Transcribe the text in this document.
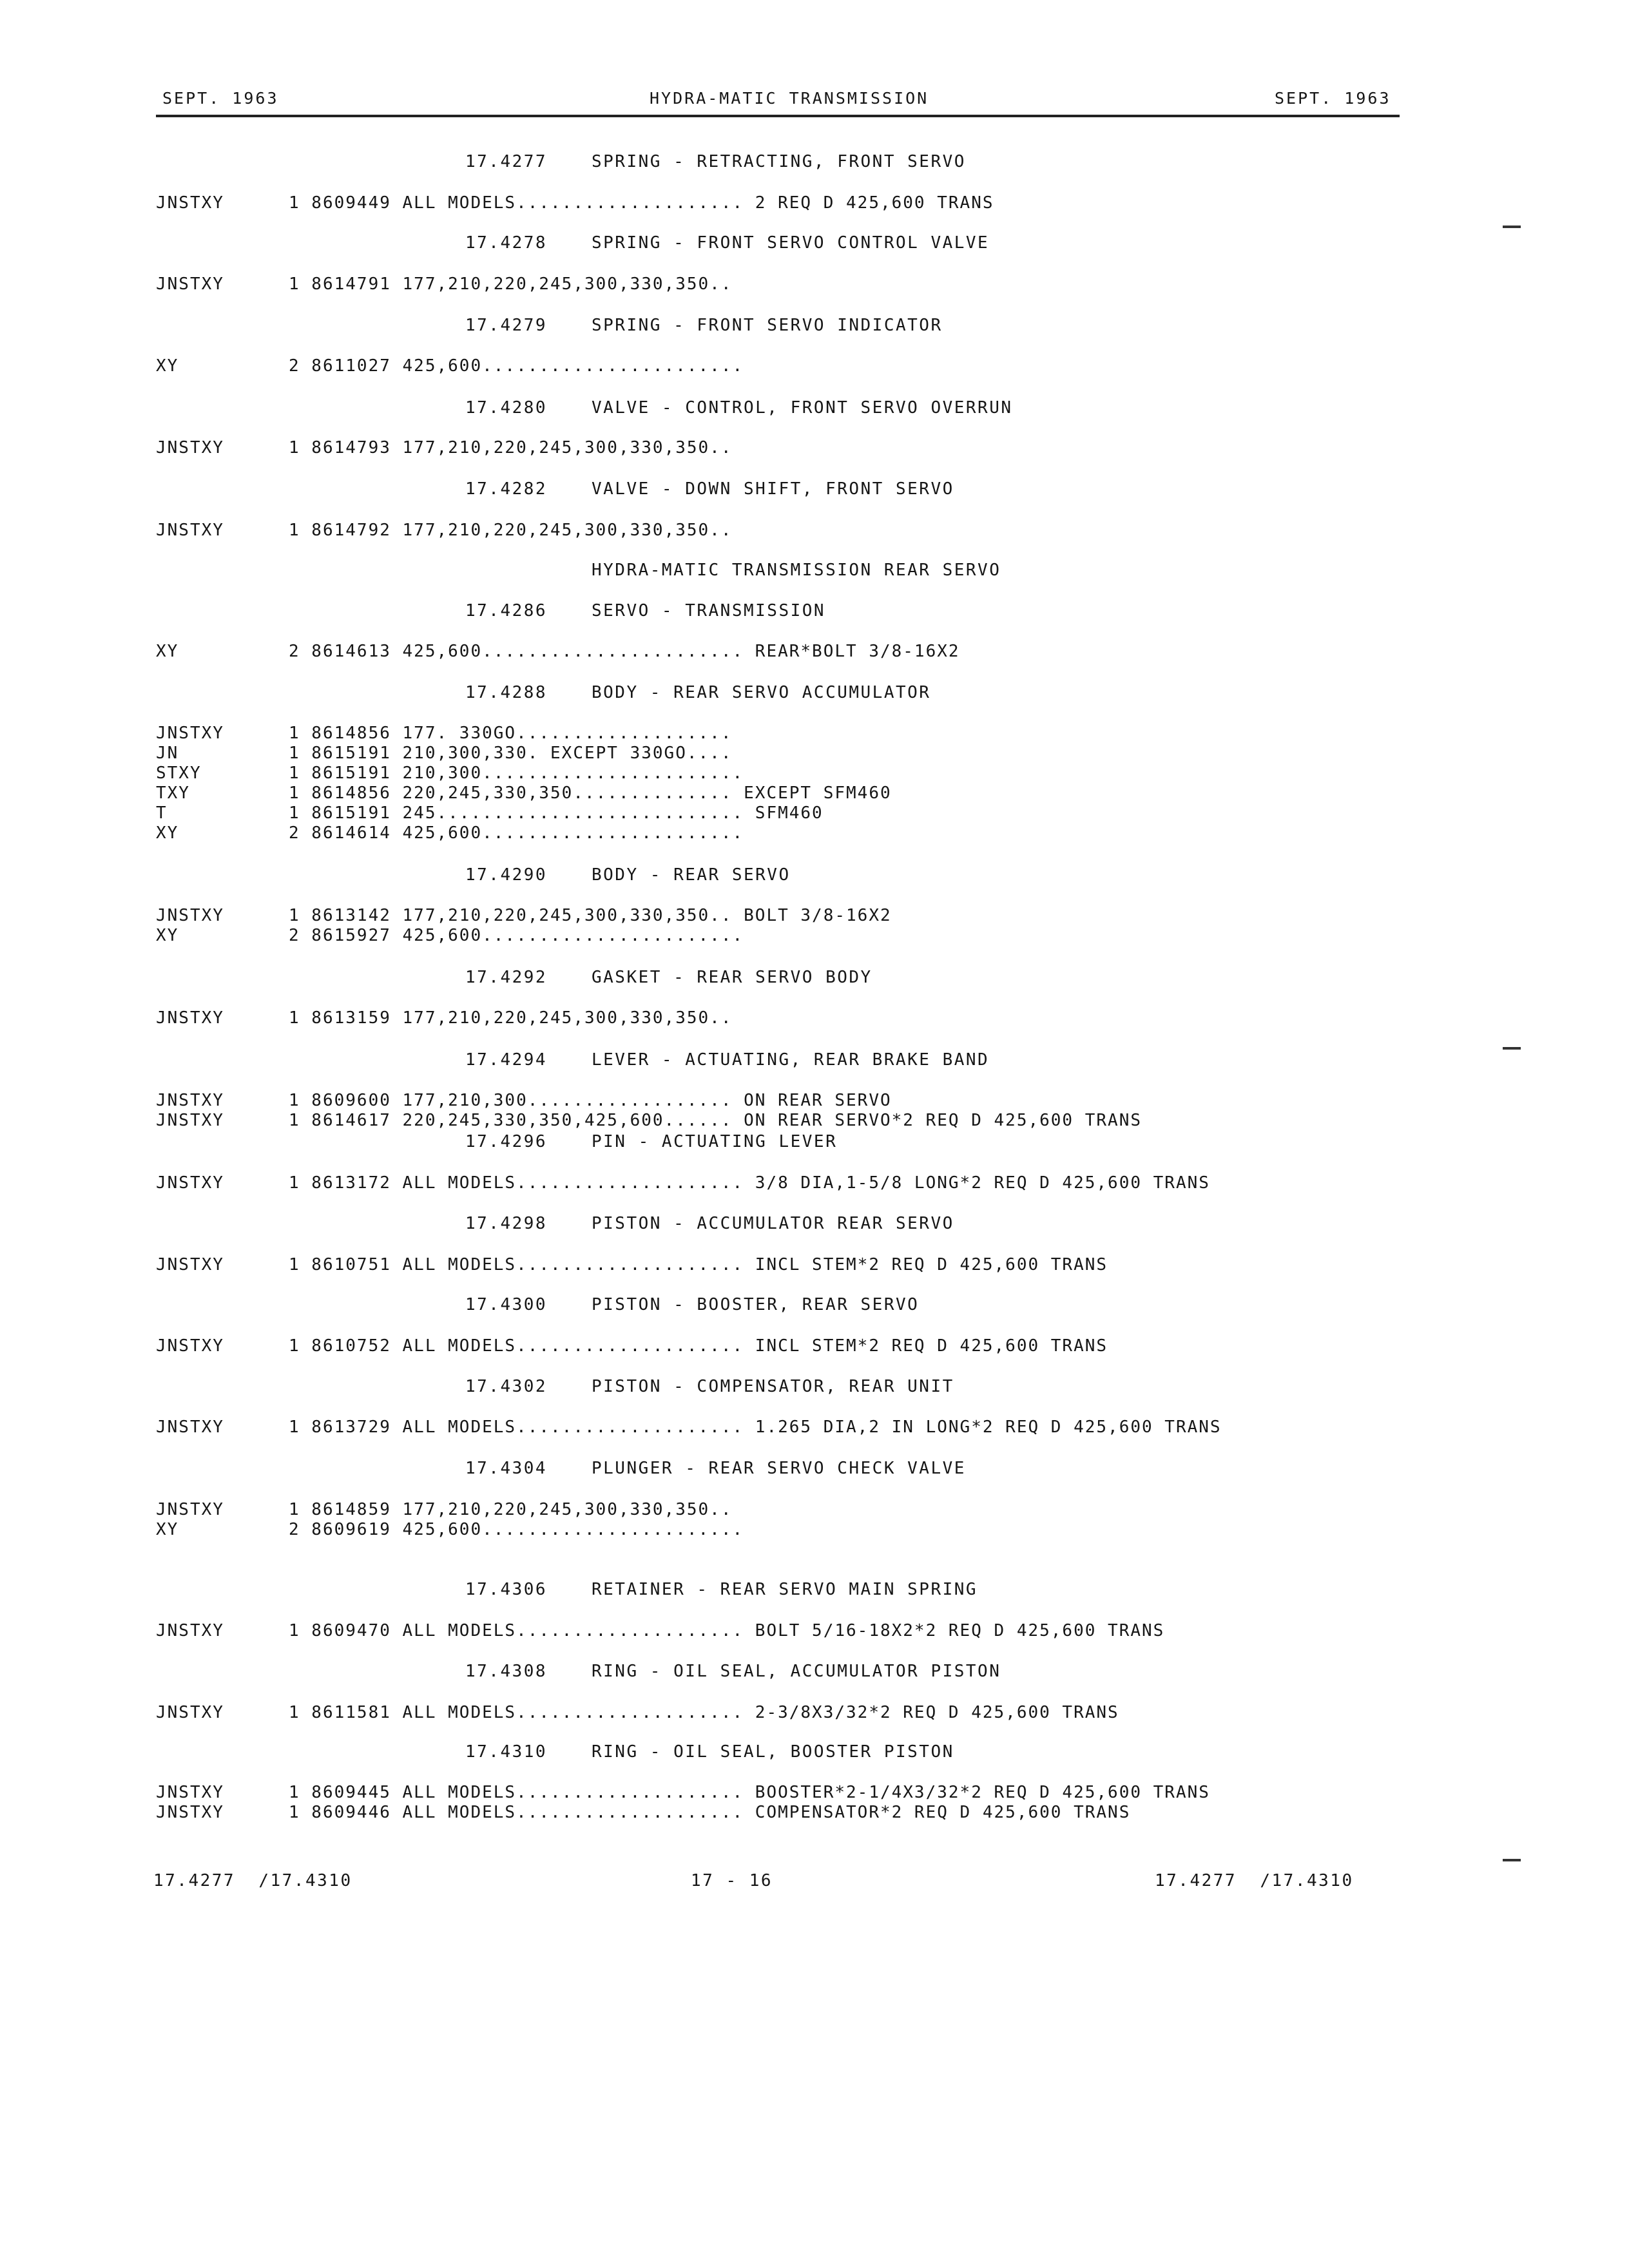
SEPT. 1963	HYDRA-MATIC TRANSMISSION	SEPT. 1963
17.4277	SPRING - RETRACTING, FRONT SERVO
JNSTXY	1 8609449 ALL MODELS.................... 2 REQ D 425,600 TRANS
17.4278	SPRING - FRONT SERVO CONTROL VALVE
JNSTXY	1 8614791 177,210,220,245,300,330,350..
17.4279	SPRING - FRONT SERVO INDICATOR
XY	2 8611027 425,600.......................
17.4280	VALVE - CONTROL, FRONT SERVO OVERRUN
JNSTXY	1 8614793 177,210,220,245,300,330,350..
17.4282	VALVE - DOWN SHIFT, FRONT SERVO
JNSTXY	1 8614792 177,210,220,245,300,330,350..
HYDRA-MATIC TRANSMISSION REAR SERVO
17.4286	SERVO - TRANSMISSION
XY	2 8614613 425,600....................... REAR*BOLT 3/8-16X2
17.4288	BODY - REAR SERVO ACCUMULATOR
JNSTXY	1 8614856 177. 330GO...................
JN	1 8615191 210,300,330. EXCEPT 330GO....
STXY	1 8615191 210,300.......................
TXY	1 8614856 220,245,330,350.............. EXCEPT SFM460
T	1 8615191 245........................... SFM460
XY	2 8614614 425,600.......................
17.4290	BODY - REAR SERVO
JNSTXY	1 8613142 177,210,220,245,300,330,350.. BOLT 3/8-16X2
XY	2 8615927 425,600.......................
17.4292	GASKET - REAR SERVO BODY
JNSTXY	1 8613159 177,210,220,245,300,330,350..
17.4294	LEVER - ACTUATING, REAR BRAKE BAND
JNSTXY	1 8609600 177,210,300.................. ON REAR SERVO
JNSTXY	1 8614617 220,245,330,350,425,600...... ON REAR SERVO*2 REQ D 425,600 TRANS
17.4296	PIN - ACTUATING LEVER
JNSTXY	1 8613172 ALL MODELS.................... 3/8 DIA,1-5/8 LONG*2 REQ D 425,600 TRANS
17.4298	PISTON - ACCUMULATOR REAR SERVO
JNSTXY	1 8610751 ALL MODELS.................... INCL STEM*2 REQ D 425,600 TRANS
17.4300	PISTON - BOOSTER, REAR SERVO
JNSTXY	1 8610752 ALL MODELS.................... INCL STEM*2 REQ D 425,600 TRANS
17.4302	PISTON - COMPENSATOR, REAR UNIT
JNSTXY	1 8613729 ALL MODELS.................... 1.265 DIA,2 IN LONG*2 REQ D 425,600 TRANS
17.4304	PLUNGER - REAR SERVO CHECK VALVE
JNSTXY	1 8614859 177,210,220,245,300,330,350..
XY	2 8609619 425,600.......................
17.4306	RETAINER - REAR SERVO MAIN SPRING
JNSTXY	1 8609470 ALL MODELS.................... BOLT 5/16-18X2*2 REQ D 425,600 TRANS
17.4308	RING - OIL SEAL, ACCUMULATOR PISTON
JNSTXY	1 8611581 ALL MODELS.................... 2-3/8X3/32*2 REQ D 425,600 TRANS
17.4310	RING - OIL SEAL, BOOSTER PISTON
JNSTXY	1 8609445 ALL MODELS.................... BOOSTER*2-1/4X3/32*2 REQ D 425,600 TRANS
JNSTXY	1 8609446 ALL MODELS.................... COMPENSATOR*2 REQ D 425,600 TRANS
17.4277  /17.4310	17 - 16	17.4277  /17.4310
